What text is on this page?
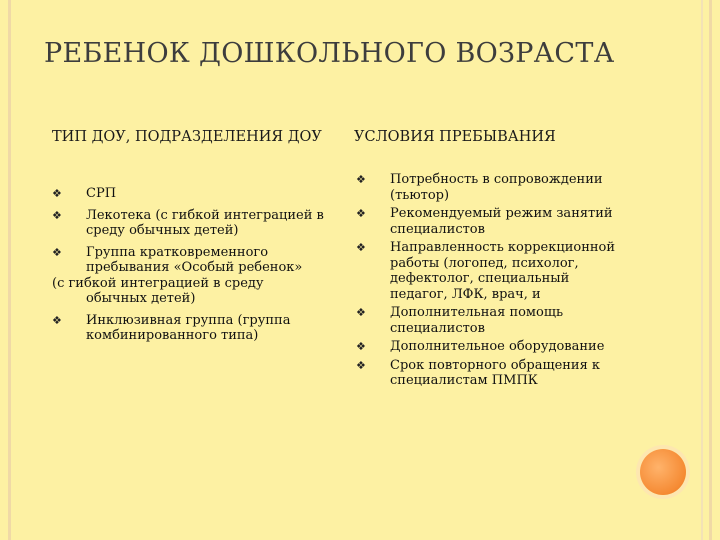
РЕБЕНОК ДОШКОЛЬНОГО ВОЗРАСТА
ТИП ДОУ, ПОДРАЗДЕЛЕНИЯ ДОУ УСЛОВИЯ ПРЕБЫВАНИЯ
❖ СРП
❖ Лекотека (с гибкой интеграцией в среду обычных детей)
❖ Группа кратковременного пребывания «Особый ребенок»
(с гибкой интеграцией в среду
обычных детей)
❖ Инклюзивная группа (группа комбинированного типа)
❖ Потребность в сопровождении (тьютор)
❖ Рекомендуемый режим занятий специалистов
❖ Направленность коррекционной работы (логопед, психолог, дефектолог, специальный педагог, ЛФК, врач, и
❖ Дополнительная помощь специалистов
❖ Дополнительное оборудование
❖ Срок повторного обращения к специалистам ПМПК
